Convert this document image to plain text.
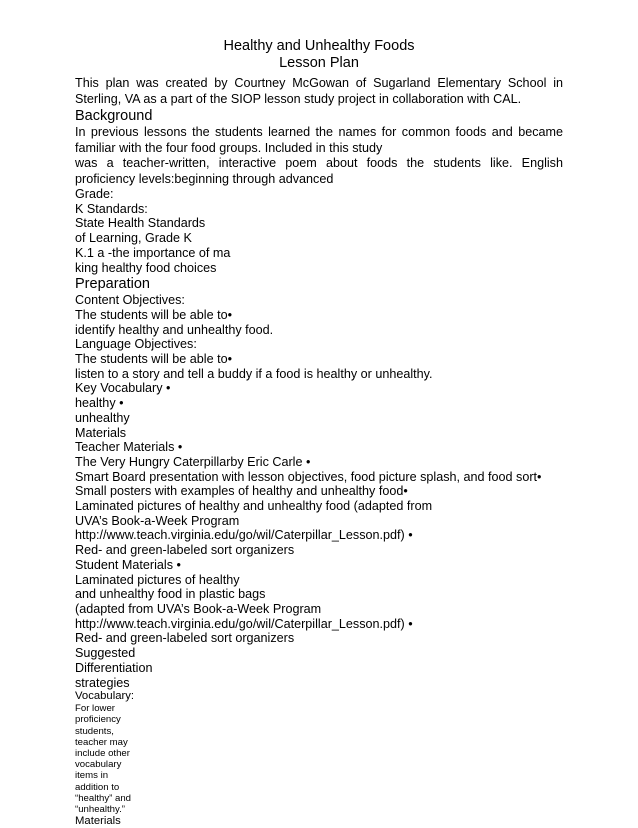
Healthy and Unhealthy Foods
Lesson Plan
This plan was created by Courtney McGowan of Sugarland Elementary School in Sterling, VA as a part of the SIOP lesson study project in collaboration with CAL.
Background
In previous lessons the students learned the names for common foods and became familiar with the four food groups. Included in this study
was a teacher-written, interactive poem about foods the students like. English proficiency levels:beginning through advanced
Grade:
K Standards:
State Health Standards
of Learning, Grade K
K.1 a -the importance of ma
king healthy food choices
Preparation
Content Objectives:
The students will be able to•
identify healthy and unhealthy food.
Language Objectives:
The students will be able to•
listen to a story and tell a buddy if a food is healthy or unhealthy.
Key Vocabulary •
healthy •
unhealthy
Materials
Teacher Materials •
The Very Hungry Caterpillarby Eric Carle •
Smart Board presentation with lesson objectives, food picture splash, and food sort•
Small posters with examples of healthy and unhealthy food•
Laminated pictures of healthy and unhealthy food (adapted from
UVA’s Book-a-Week Program
http://www.teach.virginia.edu/go/wil/Caterpillar_Lesson.pdf) •
Red- and green-labeled sort organizers
Student Materials •
Laminated pictures of healthy
and unhealthy food in plastic bags
(adapted from UVA’s Book-a-Week Program
http://www.teach.virginia.edu/go/wil/Caterpillar_Lesson.pdf) •
Red- and green-labeled sort organizers
Suggested
Differentiation
strategies
Vocabulary:
For lower
proficiency
students,
teacher may
include other
vocabulary
items in
addition to
“healthy” and
“unhealthy.”
Materials
